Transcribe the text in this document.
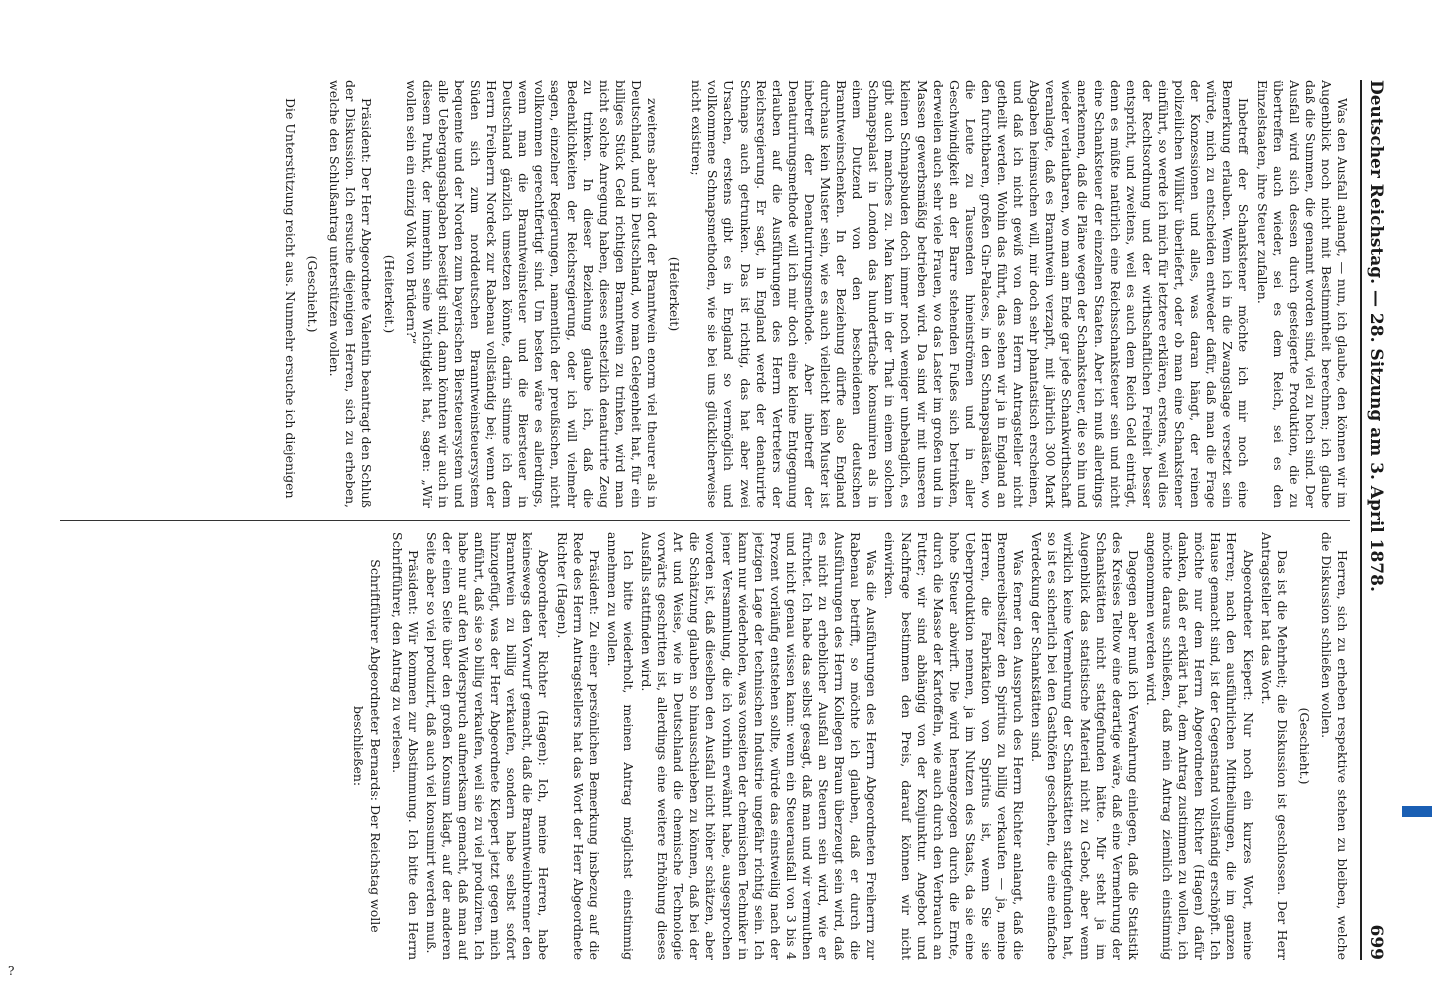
Deutscher Reichstag. — 28. Sitzung am 3. April 1878.
699

Was den Ausfall anlangt, — nun, ich glaube, den können wir im Augenblick noch nicht mit Bestimmtheit berechnen; ich glaube daß die Summen, die genannt worden sind, viel zu hoch sind. Der Ausfall wird sich dessen durch gesteigerte Produktion, die zu übertreffen auch wieder, sei es dem Reich, sei es den Einzelstaaten, ihre Steuer zufallen.

Inbetreff der Schankstener möchte ich mir noch eine Bemerkung erlauben. Wenn ich in die Zwangslage versetzt sein würde, mich zu entscheiden entweder dafür, daß man die Frage der Konzessionen und alles, was daran hängt, der reinen polizeilichen Willkür überliefert, oder ob man eine Schankstener einführt, so werde ich mich für letztere erklären, erstens, weil dies der Rechtsordnung und der wirthschaftlichen Freiheit besser entspricht, und zweitens, weil es auch dem Reich Geld einträgt, denn es müßte natürlich eine Reichsschanksteuer sein und nicht eine Schanksteuer der einzelnen Staaten. Aber ich muß allerdings anerkennen, daß die Pläne wegen der Schanksteuer, die so hin und wieder verlautbaren, wo man am Ende gar jede Schankwirthschaft veranlagte, daß es Branntwein verzapft, mit jährlich 300 Mark Abgaben heimsuchen will, mir doch sehr phantastisch erscheinen, und daß ich nicht gewiß von dem Herrn Antragsteller nicht getheilt werden. Wohin das führt, das sehen wir ja in England an den furchtbaren, großen Gin-Palaces, in den Schnapspalästen, wo die Leute zu Tausenden hineinströmen und in aller Geschwindigkeit an der Barre stehenden Fußes sich betrinken, derweilen auch sehr viele Frauen, wo das Laster im großen und in Massen gewerbsmäßig betrieben wird. Da sind wir mit unseren kleinen Schnapsbuden doch immer noch weniger unbehaglich, es gibt auch manches zu. Man kann in der That in einem solchen Schnapspalast in London das hundertfache konsumiren als in einem Dutzend von den bescheidenen deutschen Branntweinschenken. In der Beziehung dürfte also England durchaus kein Muster sein, wie es auch vielleicht kein Muster ist inbetreff der Denaturirungsmethode. Aber inbetreff der Denaturirungsmethode will ich mir doch eine kleine Entgegnung erlauben auf die Ausführungen des Herrn Vertreters der Reichsregierung. Er sagt, in England werde der denaturirte Schnaps auch getrunken. Das ist richtig, das hat aber zwei Ursachen, erstens gibt es in England so vermöglich und vollkommene Schnapsmethoden, wie sie bei uns glücklicherweise nicht existiren;

(Heiterkeit)

zweitens aber ist dort der Branntwein enorm viel theurer als in Deutschland, und in Deutschland, wo man Gelegenheit hat, für ein billiges Stück Geld richtigen Branntwein zu trinken, wird man nicht solche Anregung haben, dieses entsetzlich denaturirte Zeug zu trinken. In dieser Beziehung glaube ich, daß die Bedenklichkeiten der Reichsregierung, oder ich will vielmehr sagen, einzelner Regierungen, namentlich der preußischen, nicht vollkommen gerechtfertigt sind. Um besten wäre es allerdings, wenn man die Branntweinsteuer und die Biersteuer in Deutschland gänzlich umsetzen könnte, darin stimme ich dem Herrn Freiherrn Nordeck zur Rabenau vollständig bei; wenn der Süden sich zum norddeutschen Branntweinsteuersystem bequemte und der Norden zum bayerischen Biersteuersystem und alle Uebergangsabgaben beseitigt sind, dann könnten wir auch in diesem Punkt, der immerhin seine Wichtigkeit hat, sagen: „Wir wollen sein ein einzig Volk von Brüdern?“

(Heiterkeit.)

Präsident: Der Herr Abgeordnete Valentin beantragt den Schluß der Diskussion. Ich ersuche diejenigen Herren, sich zu erheben, welche den Schlußantrag unterstützen wollen.

(Geschieht.)

Die Unterstützung reicht aus. Nunmehr ersuche ich diejenigen

Herren, sich zu erheben respektive stehen zu bleiben, welche die Diskussion schließen wollen.

(Geschieht.)

Das ist die Mehrheit; die Diskussion ist geschlossen. Der Herr Antragsteller hat das Wort.

Abgeordneter Kiepert: Nur noch ein kurzes Wort, meine Herren; nach den ausführlichen Mittheilungen, die im ganzen Hause gemacht sind, ist der Gegenstand vollständig erschöpft. Ich möchte nur dem Herrn Abgeordneten Richter (Hagen) dafür danken, daß er erklärt hat, dem Antrag zustimmen zu wollen, ich möchte daraus schließen, daß mein Antrag ziemlich einstimmig angenommen werden wird.

Dagegen aber muß ich Verwahrung einlegen, daß die Statistik des Kreises Teltow eine derartige wäre, daß eine Vermehrung der Schankstätten nicht stattgefunden hätte. Mir steht ja im Augenblick das statistische Material nicht zu Gebot, aber wenn wirklich keine Vermehrung der Schankstätten stattgefunden hat, so ist es sicherlich bei den Gasthöfen geschehen, die eine einfache Verdeckung der Schankstätten sind.

Was ferner den Ausspruch des Herrn Richter anlangt, daß die Brennereibesitzer den Spiritus zu billig verkaufen — ja, meine Herren, die Fabrikation von Spiritus ist, wenn Sie sie Ueberproduktion nennen, ja im Nutzen des Staats, da sie eine hohe Steuer abwirft. Die wird herangezogen durch die Ernte, durch die Masse der Kartoffeln, wie auch durch den Verbrauch an Futter; wir sind abhängig von der Konjunktur. Angebot und Nachfrage bestimmen den Preis, darauf können wir nicht einwirken.

Was die Ausführungen des Herrn Abgeordneten Freiherrn zur Rabenau betrifft, so möchte ich glauben, daß er durch die Ausführungen des Herrn Kollegen Braun überzeugt sein wird, daß es nicht zu erheblicher Ausfall an Steuern sein wird, wie er fürchtet. Ich habe das selbst gesagt, daß man und wir vermuthen und nicht genau wissen kann: wenn ein Steuerausfall von 3 bis 4 Prozent vorläufig entstehen sollte, würde das einstweilig nach der jetzigen Lage der technischen Industrie ungefähr richtig sein. Ich kann nur wiederholen, was vonseiten der chemischen Techniker in jener Versammlung, die ich vorhin erwähnt habe, ausgesprochen worden ist, daß dieselben den Ausfall nicht höher schätzen, aber die Schätzung glauben so hinausschieben zu können, daß bei der Art und Weise, wie in Deutschland die chemische Technologie vorwärts geschritten ist, allerdings eine weitere Erhöhung dieses Ausfalls stattfinden wird.

Ich bitte wiederholt, meinen Antrag möglichst einstimmig annehmen zu wollen.

Präsident: Zu einer persönlichen Bemerkung insbezug auf die Rede des Herrn Antragstellers hat das Wort der Herr Abgeordnete Richter (Hagen).

Abgeordneter Richter (Hagen): Ich, meine Herren, habe keineswegs den Vorwurf gemacht, daß die Branntweinbrenner den Branntwein zu billig verkaufen, sondern habe selbst sofort hinzugefügt, was der Herr Abgeordnete Kiepert jetzt gegen mich anführt, daß sie so billig verkaufen, weil sie zu viel produziren. Ich habe nur auf den Widerspruch aufmerksam gemacht, daß man auf der einen Seite über den großen Konsum klagt, auf der anderen Seite aber so viel produzirt, daß auch viel konsumirt werden muß.

Präsident: Wir kommen zur Abstimmung. Ich bitte den Herrn Schriftführer, den Antrag zu verlesen.

Schriftführer Abgeordneter Bernards: Der Reichstag wolle beschließen:

?
